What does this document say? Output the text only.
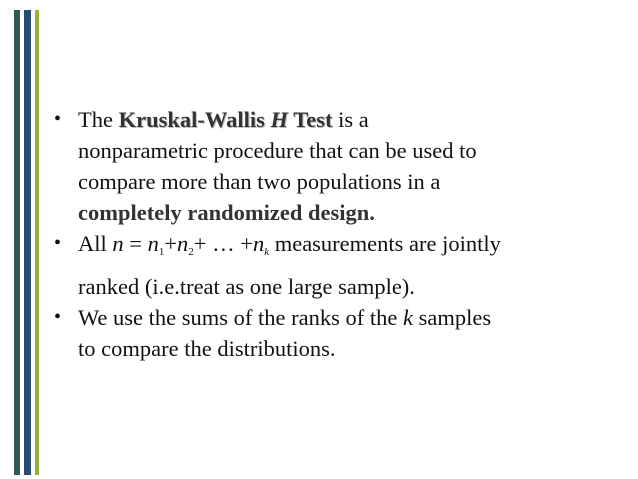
• The Kruskal-Wallis H Test is a
nonparametric procedure that can be used to
compare more than two populations in a
completely randomized design.
• All $n = n_1+n_2+$ … $+n_k$ measurements are jointly
ranked (i.e.treat as one large sample).
• We use the sums of the ranks of the k samples
to compare the distributions.
